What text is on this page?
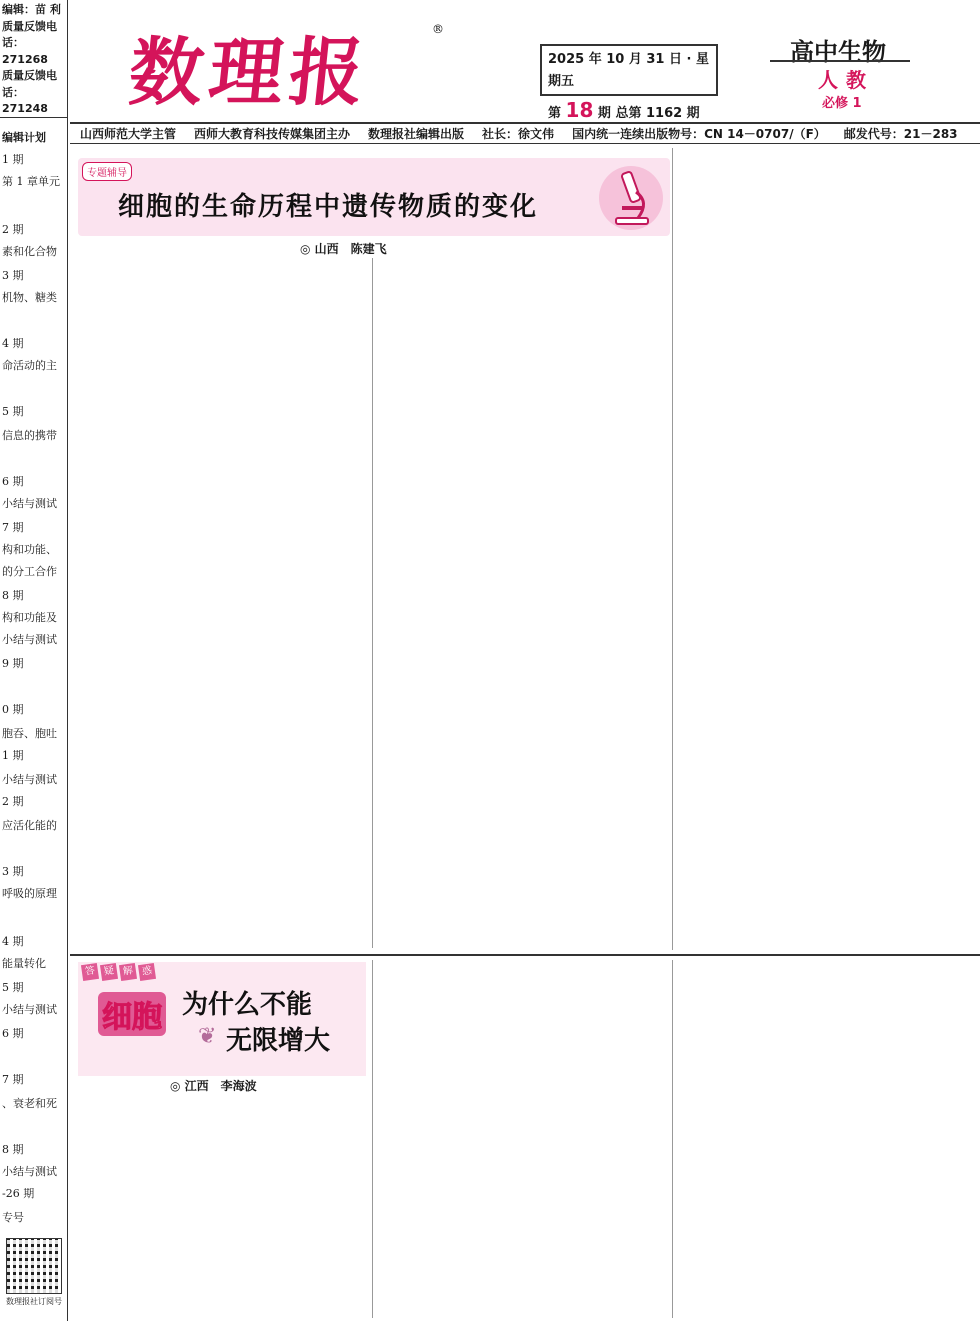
编辑：苗 利
质量反馈电话：
271268
质量反馈电话：
271248
编辑计划
1 期
第 1 章单元
2 期
素和化合物
3 期
机物、糖类
4 期
命活动的主
5 期
信息的携带
6 期
小结与测试
7 期
构和功能、
的分工合作
8 期
构和功能及
小结与测试
9 期
0 期
胞吞、胞吐
1 期
小结与测试
2 期
应活化能的
3 期
呼吸的原理
4 期
能量转化
5 期
小结与测试
6 期
7 期
、衰老和死
8 期
小结与测试
-26 期
专号
数理报社订阅号
数理报
®
2025 年 10 月 31 日 · 星期五
第 18 期 总第 1162 期
高中生物
人教
必修 1
山西师范大学主管 西师大教育科技传媒集团主办 数理报社编辑出版 社长：徐文伟 国内统一连续出版物号：CN 14－0707/（F） 邮发代号：21－283
专题辅导
细胞的生命历程中遗传物质的变化
◎ 山西　陈建飞
答 疑 解 惑
细胞 为什么不能
无限增大
❦
◎ 江西　李海波
